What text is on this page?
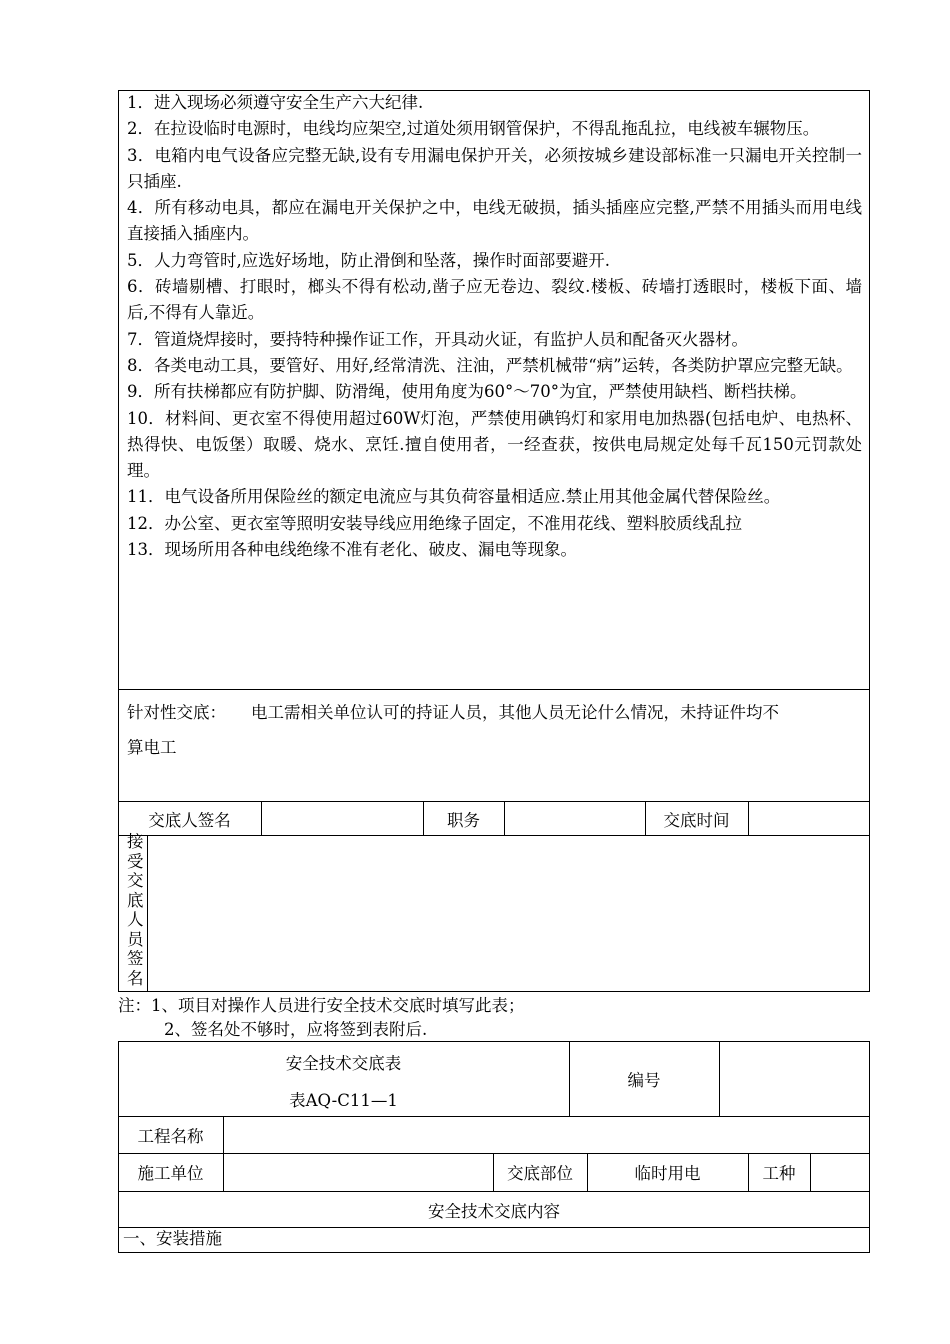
1．进入现场必须遵守安全生产六大纪律.
2．在拉设临时电源时，电线均应架空,过道处须用钢管保护，不得乱拖乱拉，电线被车辗物压。
3．电箱内电气设备应完整无缺,设有专用漏电保护开关，必须按城乡建设部标准一只漏电开关控制一只插座.
4．所有移动电具，都应在漏电开关保护之中，电线无破损，插头插座应完整,严禁不用插头而用电线直接插入插座内。
5．人力弯管时,应选好场地，防止滑倒和坠落，操作时面部要避开.
6．砖墙剔槽、打眼时，榔头不得有松动,凿子应无卷边、裂纹.楼板、砖墙打透眼时，楼板下面、墙后,不得有人靠近。
7．管道烧焊接时，要持特种操作证工作，开具动火证，有监护人员和配备灭火器材。
8．各类电动工具，要管好、用好,经常清洗、注油，严禁机械带“病”运转，各类防护罩应完整无缺。
9．所有扶梯都应有防护脚、防滑绳，使用角度为60°～70°为宜，严禁使用缺档、断档扶梯。
10．材料间、更衣室不得使用超过60W灯泡，严禁使用碘钨灯和家用电加热器(包括电炉、电热杯、热得快、电饭堡）取暖、烧水、烹饪.擅自使用者，一经查获，按供电局规定处每千瓦150元罚款处理。
11．电气设备所用保险丝的额定电流应与其负荷容量相适应.禁止用其他金属代替保险丝。
12．办公室、更衣室等照明安装导线应用绝缘子固定，不准用花线、塑料胶质线乱拉
13．现场所用各种电线绝缘不准有老化、破皮、漏电等现象。
针对性交底： 电工需相关单位认可的持证人员，其他人员无论什么情况，未持证件均不
算电工
交底人签名	职务	交底时间
接
受
交
底
人
员
签
名
注：1、项目对操作人员进行安全技术交底时填写此表；
2、签名处不够时，应将签到表附后.
安全技术交底表
表AQ-C11—1
编号
工程名称
施工单位	交底部位	临时用电	工种
安全技术交底内容
一、安装措施
